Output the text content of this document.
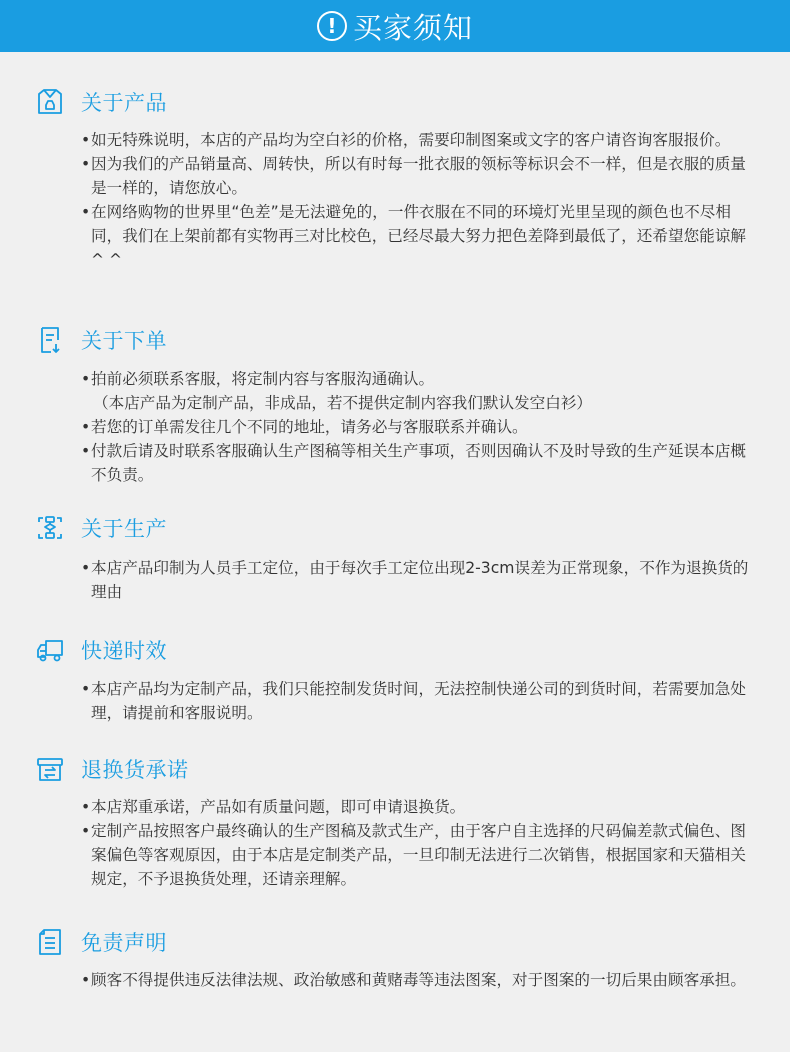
! 买家须知
关于产品
• 如无特殊说明，本店的产品均为空白衫的价格，需要印制图案或文字的客户请咨询客服报价。
• 因为我们的产品销量高、周转快，所以有时每一批衣服的领标等标识会不一样，但是衣服的质量是一样的，请您放心。
• 在网络购物的世界里“色差”是无法避免的，一件衣服在不同的环境灯光里呈现的颜色也不尽相同，我们在上架前都有实物再三对比校色，已经尽最大努力把色差降到最低了，还希望您能谅解^ ^
关于下单
• 拍前必须联系客服，将定制内容与客服沟通确认。
（本店产品为定制产品，非成品，若不提供定制内容我们默认发空白衫）
• 若您的订单需发往几个不同的地址，请务必与客服联系并确认。
• 付款后请及时联系客服确认生产图稿等相关生产事项，否则因确认不及时导致的生产延误本店概不负责。
关于生产
• 本店产品印制为人员手工定位，由于每次手工定位出现2-3cm误差为正常现象，不作为退换货的理由
快递时效
• 本店产品均为定制产品，我们只能控制发货时间，无法控制快递公司的到货时间，若需要加急处理，请提前和客服说明。
退换货承诺
• 本店郑重承诺，产品如有质量问题，即可申请退换货。
• 定制产品按照客户最终确认的生产图稿及款式生产，由于客户自主选择的尺码偏差款式偏色、图案偏色等客观原因，由于本店是定制类产品，一旦印制无法进行二次销售，根据国家和天猫相关规定，不予退换货处理，还请亲理解。
免责声明
• 顾客不得提供违反法律法规、政治敏感和黄赌毒等违法图案，对于图案的一切后果由顾客承担。
